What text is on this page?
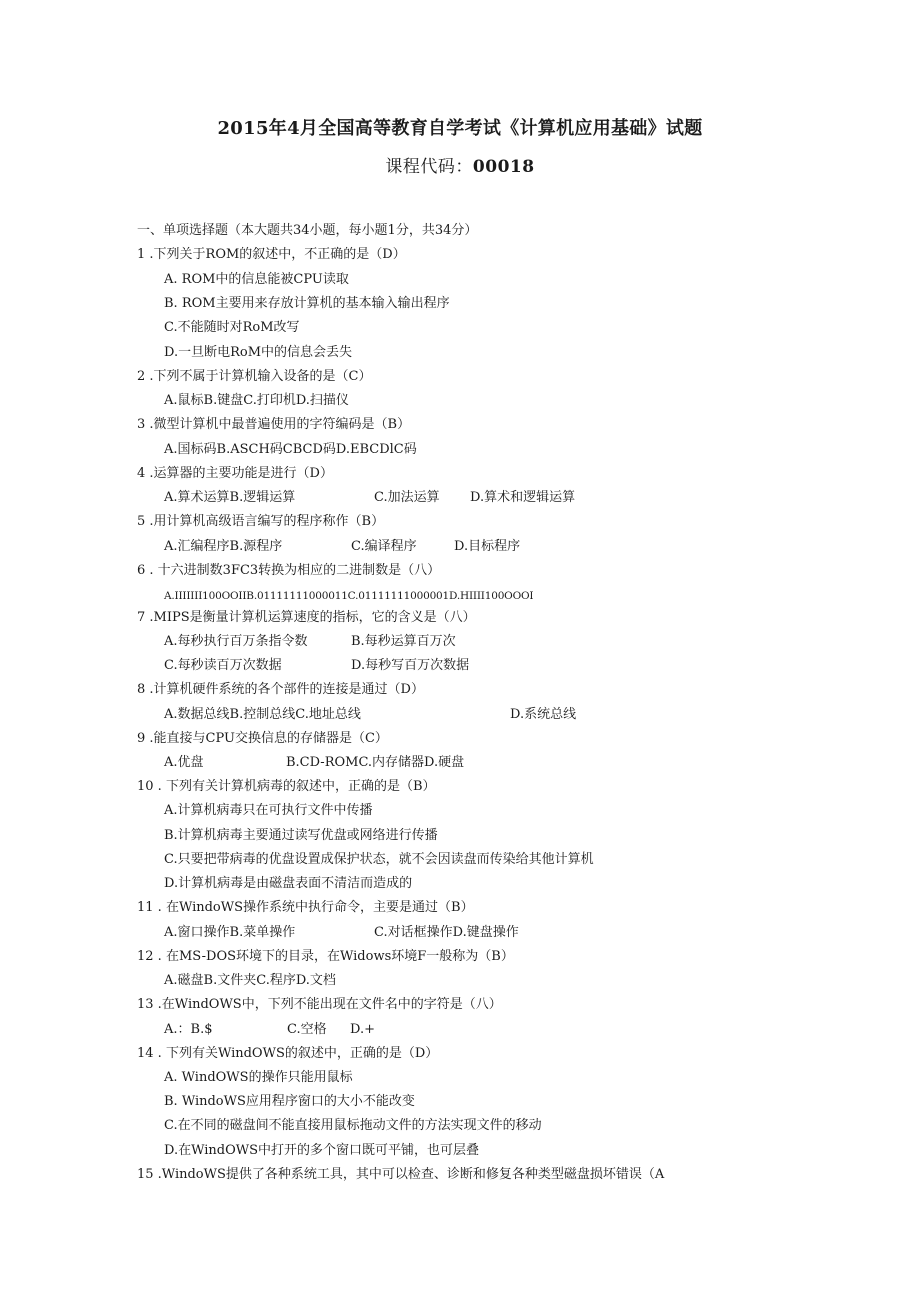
2015年4月全国高等教育自学考试《计算机应用基础》试题
课程代码：00018
一、单项选择题（本大题共34小题，每小题1分，共34分）
1 .下列关于ROM的叙述中，不正确的是（D）
A. ROM中的信息能被CPU读取
B. ROM主要用来存放计算机的基本输入输出程序
C.不能随时对RoM改写
D.一旦断电RoM中的信息会丢失
2 .下列不属于计算机输入设备的是（C）
A.鼠标B.键盘C.打印机D.扫描仪
3 .微型计算机中最普遍使用的字符编码是（B）
A.国标码B.ASCH码CBCD码D.EBCDlC码
4 .运算器的主要功能是进行（D）
A.算术运算B.逻辑运算	C.加法运算 D.算术和逻辑运算
5 .用计算机高级语言编写的程序称作（B）
A.汇编程序B.源程序	C.编译程序	D.目标程序
6 . 十六进制数3FC3转换为相应的二进制数是（八）
A.IIIIIII100OOIIB.01111111000011C.01111111000001D.HIIII100OOOI
7 .MIPS是衡量计算机运算速度的指标，它的含义是（八）
A.每秒执行百万条指令数	B.每秒运算百万次
C.每秒读百万次数据	D.每秒写百万次数据
8 .计算机硬件系统的各个部件的连接是通过（D）
A.数据总线B.控制总线C.地址总线	D.系统总线
9 .能直接与CPU交换信息的存储器是（C）
A.优盘	B.CD-ROMC.内存储器D.硬盘
10 . 下列有关计算机病毒的叙述中，正确的是（B）
A.计算机病毒只在可执行文件中传播
B.计算机病毒主要通过读写优盘或网络进行传播
C.只要把带病毒的优盘设置成保护状态，就不会因读盘而传染给其他计算机
D.计算机病毒是由磁盘表面不清洁而造成的
11 . 在WindoWS操作系统中执行命令，主要是通过（B）
A.窗口操作B.菜单操作	C.对话框操作D.键盘操作
12 . 在MS-DOS环境下的目录，在Widows环境F一般称为（B）
A.磁盘B.文件夹C.程序D.文档
13 .在WindOWS中，下列不能出现在文件名中的字符是（八）
A.：B.$	C.空格 D.+
14 . 下列有关WindOWS的叙述中，正确的是（D）
A. WindOWS的操作只能用鼠标
B. WindoWS应用程序窗口的大小不能改变
C.在不同的磁盘间不能直接用鼠标拖动文件的方法实现文件的移动
D.在WindOWS中打开的多个窗口既可平铺，也可层叠
15 .WindoWS提供了各种系统工具，其中可以检查、诊断和修复各种类型磁盘损坏错误（A
